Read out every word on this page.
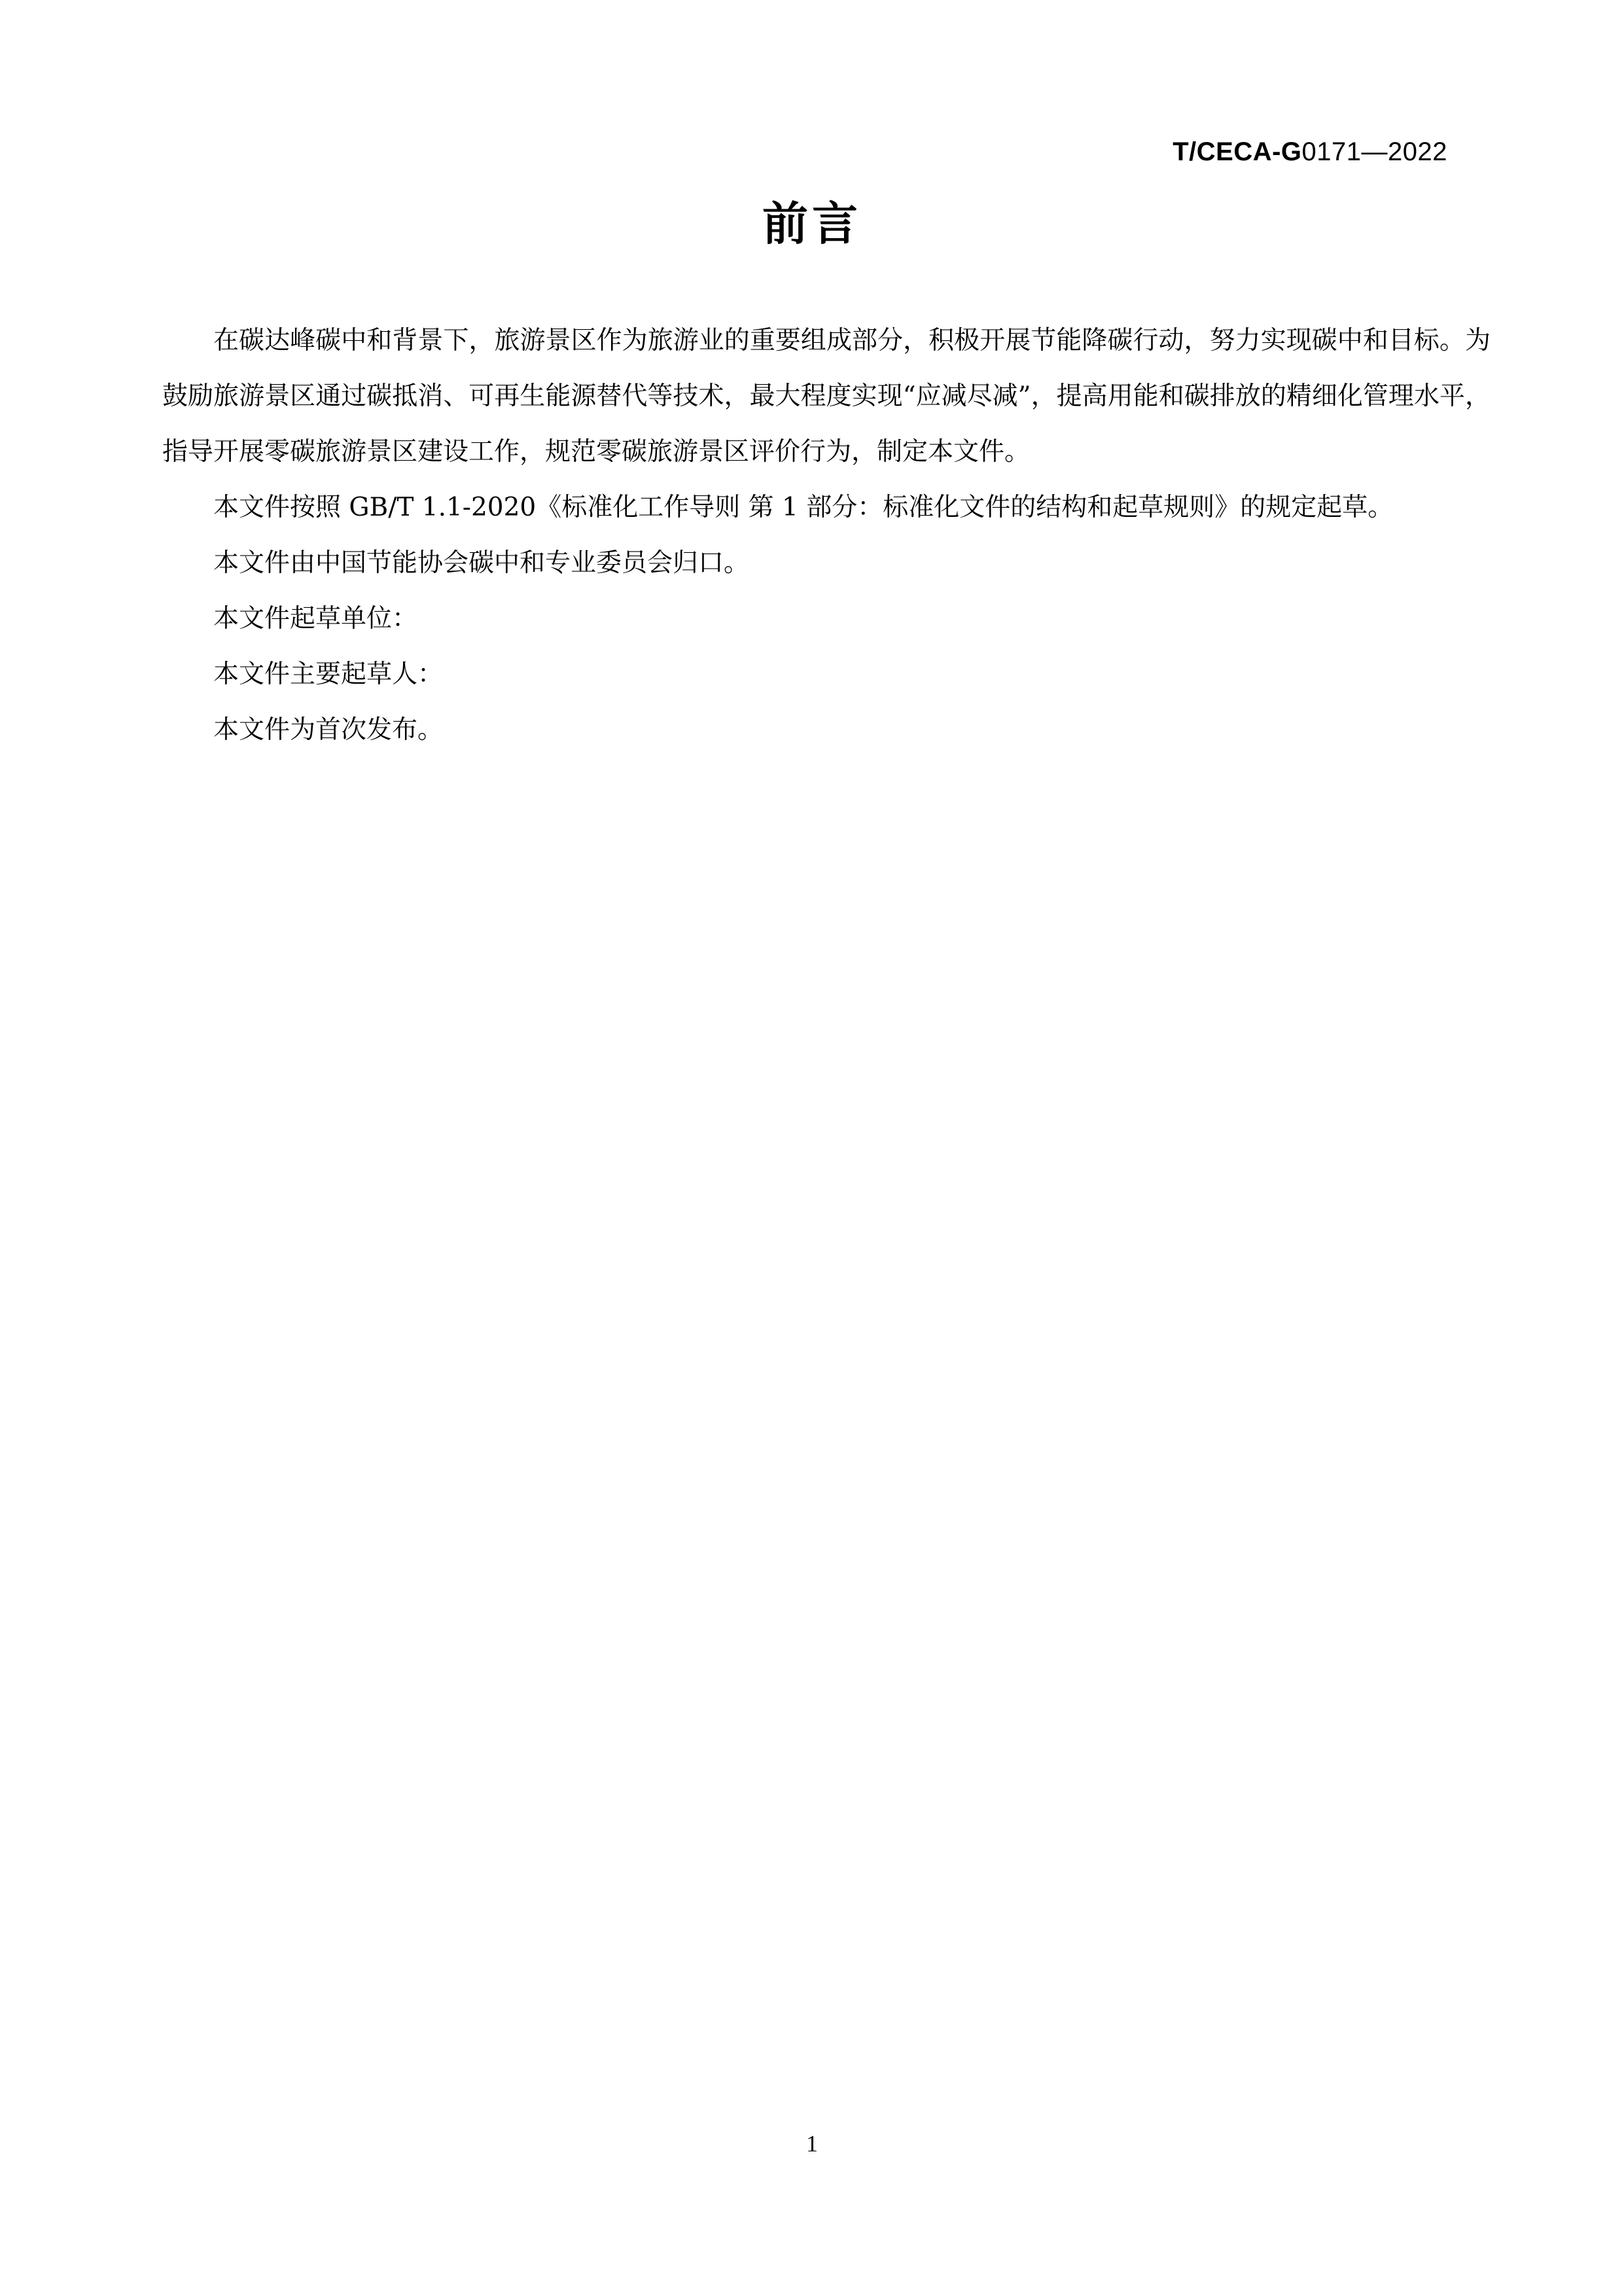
T/CECA-G0171—2022
前言

在碳达峰碳中和背景下，旅游景区作为旅游业的重要组成部分，积极开展节能降碳行动，努力实现碳中和目标。为鼓励旅游景区通过碳抵消、可再生能源替代等技术，最大程度实现“应减尽减”，提高用能和碳排放的精细化管理水平，指导开展零碳旅游景区建设工作，规范零碳旅游景区评价行为，制定本文件。

本文件按照 GB/T 1.1-2020《标准化工作导则 第 1 部分：标准化文件的结构和起草规则》的规定起草。

本文件由中国节能协会碳中和专业委员会归口。

本文件起草单位：

本文件主要起草人：

本文件为首次发布。

1
